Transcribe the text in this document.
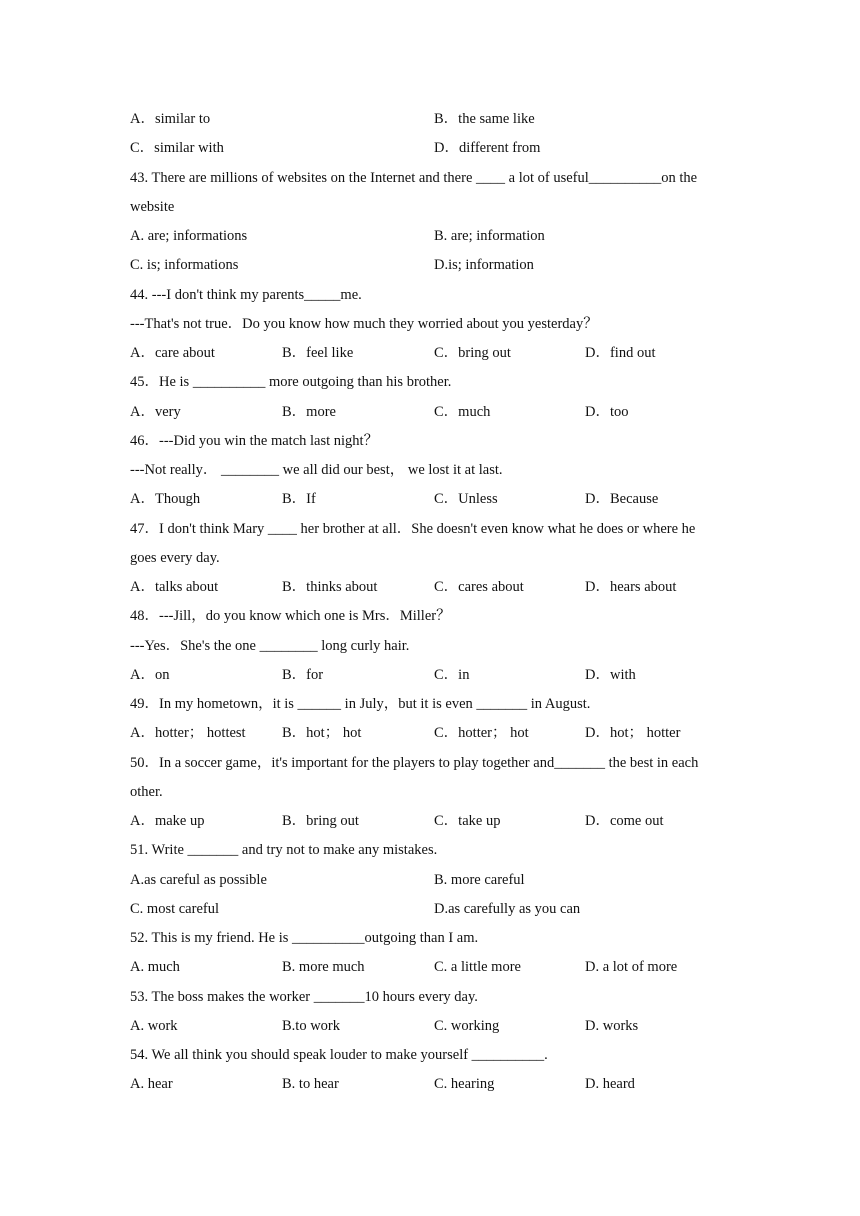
A．similar to	B．the same like
C．similar with	D．different from
43. There are millions of websites on the Internet and there ____ a lot of useful__________on the
website
A. are; informations	B. are; information
C. is; informations	D.is; information
44. ---I don't think my parents_____me.
---That's not true．Do you know how much they worried about you yesterday？
A．care about	B．feel like	C．bring out	D．find out
45．He is __________ more outgoing than his brother.
A．very	B．more	C．much	D．too
46．---Did you win the match last night？
---Not really． ________ we all did our best， we lost it at last.
A．Though	B．If	C．Unless	D．Because
47．I don't think Mary ____ her brother at all．She doesn't even know what he does or where he
goes every day.
A．talks about	B．thinks about	C．cares about	D．hears about
48．---Jill，do you know which one is Mrs．Miller？
---Yes．She's the one ________ long curly hair.
A．on	B．for	C．in	D．with
49．In my hometown，it is ______ in July，but it is even _______ in August.
A．hotter； hottest	B．hot； hot	C．hotter； hot	D．hot； hotter
50．In a soccer game，it's important for the players to play together and_______ the best in each
other.
A．make up	B．bring out	C．take up	D．come out
51. Write _______ and try not to make any mistakes.
A.as careful as possible	B. more careful
C. most careful	D.as carefully as you can
52. This is my friend. He is __________outgoing than I am.
A. much	B. more much	C. a little more	D. a lot of more
53. The boss makes the worker _______10 hours every day.
A. work	B.to work	C. working	D. works
54. We all think you should speak louder to make yourself __________.
A. hear	B. to hear	C. hearing	D. heard
